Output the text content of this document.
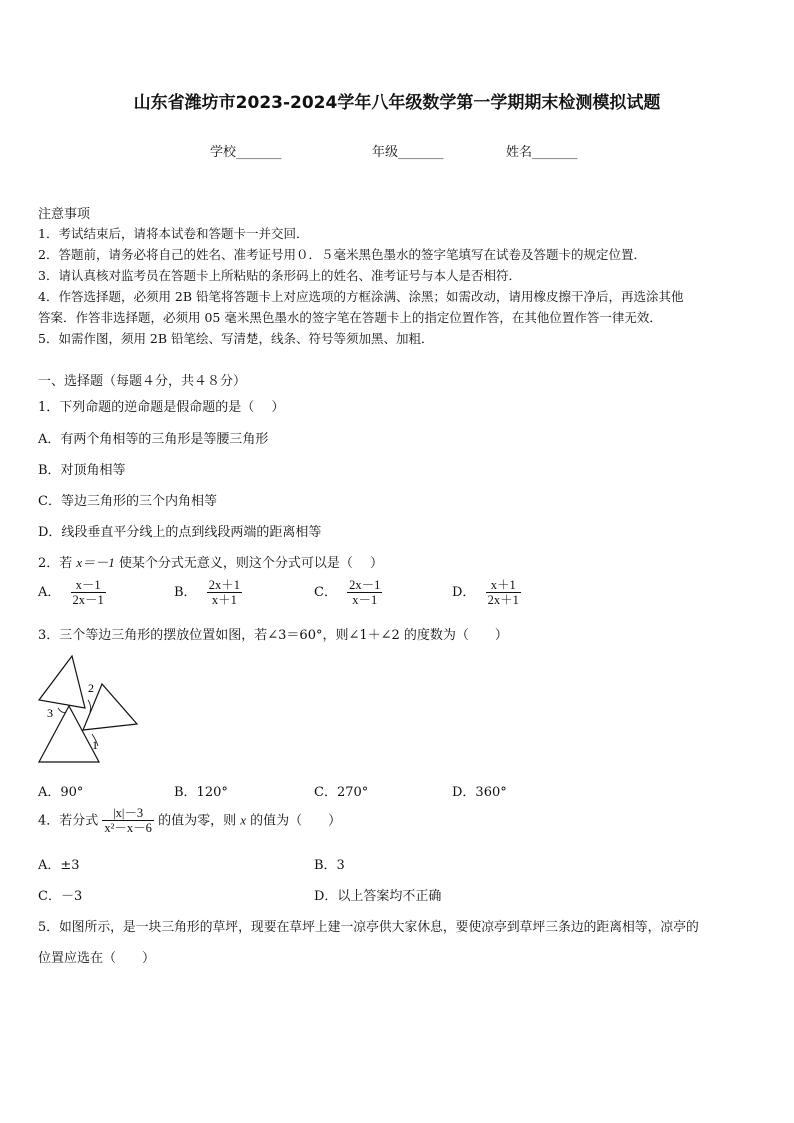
山东省潍坊市2023-2024学年八年级数学第一学期期末检测模拟试题
学校_______	年级_______	姓名_______
注意事项
1．考试结束后，请将本试卷和答题卡一并交回．
2．答题前，请务必将自己的姓名、准考证号用０．５毫米黑色墨水的签字笔填写在试卷及答题卡的规定位置．
3．请认真核对监考员在答题卡上所粘贴的条形码上的姓名、准考证号与本人是否相符．
4．作答选择题，必须用 2B 铅笔将答题卡上对应选项的方框涂满、涂黑；如需改动，请用橡皮擦干净后，再选涂其他
答案．作答非选择题，必须用 05 毫米黑色墨水的签字笔在答题卡上的指定位置作答，在其他位置作答一律无效．
5．如需作图，须用 2B 铅笔绘、写清楚，线条、符号等须加黑、加粗．
一、选择题（每题４分，共４８分）
1．下列命题的逆命题是假命题的是（　 ）
A．有两个角相等的三角形是等腰三角形
B．对顶角相等
C．等边三角形的三个内角相等
D．线段垂直平分线上的点到线段两端的距离相等
2．若 x＝－1 使某个分式无意义，则这个分式可以是（　 ）
A． $\frac{x-1}{2x-1}$	B． $\frac{2x+1}{x+1}$	C． $\frac{2x-1}{x-1}$	D． $\frac{x+1}{2x+1}$
3．三个等边三角形的摆放位置如图，若∠3＝60°，则∠1＋∠2 的度数为（　　）
1
2
3
A．90°	B．120°	C．270°	D．360°
4．若分式 $\frac{|x|-3}{\text{x²－x－6}}$ 的值为零，则 x 的值为（　　）
A．±3	B．3
C．－3	D．以上答案均不正确
5．如图所示，是一块三角形的草坪，现要在草坪上建一凉亭供大家休息，要使凉亭到草坪三条边的距离相等，凉亭的
位置应选在（　　）
